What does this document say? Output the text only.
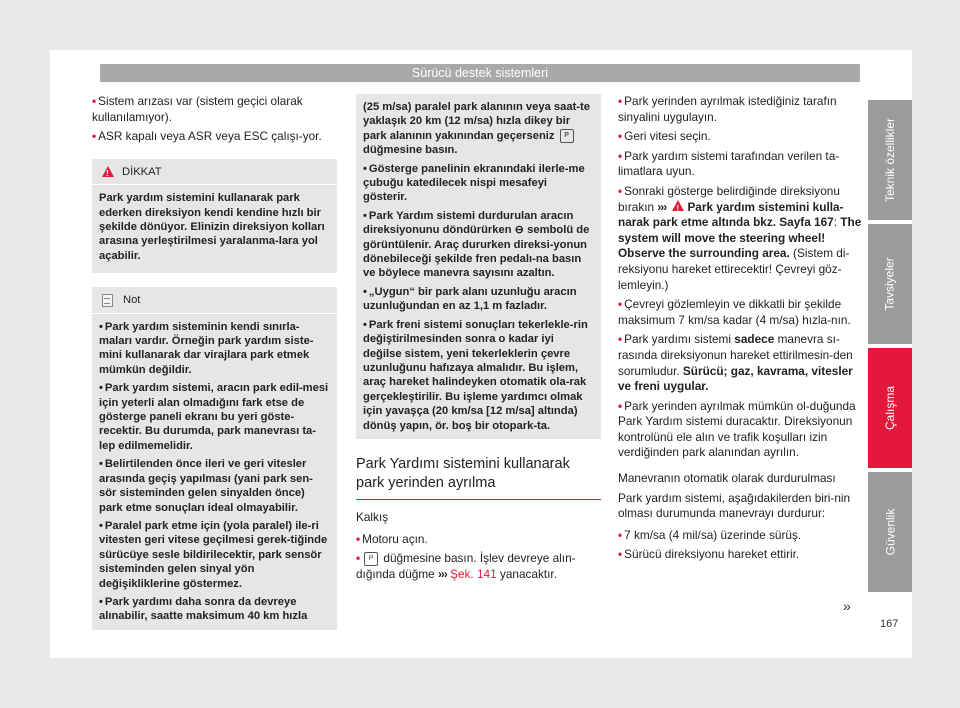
Sürücü destek sistemleri

• Sistem arızası var (sistem geçici olarak kullanılamıyor).

• ASR kapalı veya ASR veya ESC çalışı-yor.

!
DİKKAT

Park yardım sistemini kullanarak park ederken direksiyon kendi kendine hızlı bir şekilde dönüyor. Elinizin direksiyon kolları arasına yerleştirilmesi yaralanma-lara yol açabilir.

Not

• Park yardım sisteminin kendi sınırla-maları vardır. Örneğin park yardım siste-mini kullanarak dar virajlara park etmek mümkün değildir.

• Park yardım sistemi, aracın park edil-mesi için yeterli alan olmadığını fark etse de gösterge paneli ekranı bu yeri göste-recektir. Bu durumda, park manevrası ta-lep edilmemelidir.

• Belirtilenden önce ileri ve geri vitesler arasında geçiş yapılması (yani park sen-sör sisteminden gelen sinyalden önce) park etme sonuçları ideal olmayabilir.

• Paralel park etme için (yola paralel) ile-ri vitesten geri vitese geçilmesi gerek-tiğinde sürücüye sesle bildirilecektir, park sensör sisteminden gelen sinyal yön değişikliklerine göstermez.

• Park yardımı daha sonra da devreye alınabilir, saatte maksimum 40 km hızla

(25 m/sa) paralel park alanının veya saat-te yaklaşık 20 km (12 m/sa) hızla dikey bir park alanının yakınından geçerseniz P düğmesine basın.

• Gösterge panelinin ekranındaki ilerle-me çubuğu katedilecek nispi mesafeyi gösterir.

• Park Yardım sistemi durdurulan aracın direksiyonunu döndürürken ⊖ sembolü de görüntülenir. Araç dururken direksi-yonun dönebileceği şekilde fren pedalı-na basın ve böylece manevra sayısını azaltın.

• „Uygun“ bir park alanı uzunluğu aracın uzunluğundan en az 1,1 m fazladır.

• Park freni sistemi sonuçları tekerlekle-rin değiştirilmesinden sonra o kadar iyi değilse sistem, yeni tekerleklerin çevre uzunluğunu hafızaya almalıdır. Bu işlem, araç hareket halindeyken otomatik ola-rak gerçekleştirilir. Bu işleme yardımcı olmak için yavaşça (20 km/sa [12 m/sa] altında) dönüş yapın, ör. boş bir otopark-ta.

Park Yardımı sistemini kullanarak park yerinden ayrılma

Kalkış

• Motoru açın.

• P düğmesine basın. İşlev devreye alın-dığında düğme ››› Şek. 141 yanacaktır.

• Park yerinden ayrılmak istediğiniz tarafın sinyalini uygulayın.

• Geri vitesi seçin.

• Park yardım sistemi tarafından verilen ta-limatlara uyun.

• Sonraki gösterge belirdiğinde direksiyonu bırakın ››› ! Park yardım sistemini kulla-narak park etme altında bkz. Sayfa 167: The system will move the steering wheel! Observe the surrounding area. (Sistem di-reksiyonu hareket ettirecektir! Çevreyi göz-lemleyin.)

• Çevreyi gözlemleyin ve dikkatli bir şekilde maksimum 7 km/sa kadar (4 m/sa) hızla-nın.

• Park yardımı sistemi sadece manevra sı-rasında direksiyonun hareket ettirilmesin-den sorumludur. Sürücü; gaz, kavrama, vitesler ve freni uygular.

• Park yerinden ayrılmak mümkün ol-duğunda Park Yardım sistemi duracaktır. Direksiyonun kontrolünü ele alın ve trafik koşulları izin verdiğinden park alanından ayrılın.

Manevranın otomatik olarak durdurulması

Park yardım sistemi, aşağıdakilerden biri-nin olması durumunda manevrayı durdurur:

• 7 km/sa (4 mil/sa) üzerinde sürüş.

• Sürücü direksiyonu hareket ettirir.

»
Teknik özellikler
Tavsiyeler
Çalışma
Güvenlik
167
